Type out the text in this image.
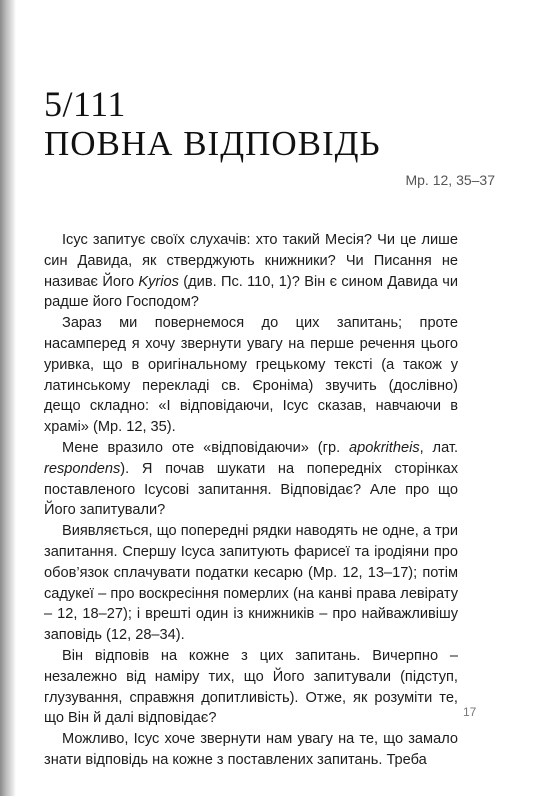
5/111
ПОВНА ВІДПОВІДЬ

Мр. 12, 35–37

Ісус запитує своїх слухачів: хто такий Месія? Чи це лише син Давида, як стверджують книжники? Чи Писання не називає Його Kyrios (див. Пс. 110, 1)? Він є сином Давида чи радше його Господом?

Зараз ми повернемося до цих запитань; проте насамперед я хочу звернути увагу на перше речення цього уривка, що в оригінальному грецькому тексті (а також у латинському перекладі св. Єроніма) звучить (дослівно) дещо складно: «І відповідаючи, Ісус сказав, навчаючи в храмі» (Мр. 12, 35).

Мене вразило оте «відповідаючи» (гр. apokritheis, лат. respondens). Я почав шукати на попередніх сторінках поставленого Ісусові запитання. Відповідає? Але про що Його запитували?

Виявляється, що попередні рядки наводять не одне, а три запитання. Спершу Ісуса запитують фарисеї та іродіяни про обов’язок сплачувати податки кесарю (Мр. 12, 13–17); потім садукеї – про воскресіння померлих (на канві права левірату – 12, 18–27); і врешті один із книжників – про найважливішу заповідь (12, 28–34).

Він відповів на кожне з цих запитань. Вичерпно – незалежно від наміру тих, що Його запитували (підступ, глузування, справжня допитливість). Отже, як розуміти те, що Він й далі відповідає?

Можливо, Ісус хоче звернути нам увагу на те, що замало знати відповідь на кожне з поставлених запитань. Треба

17
